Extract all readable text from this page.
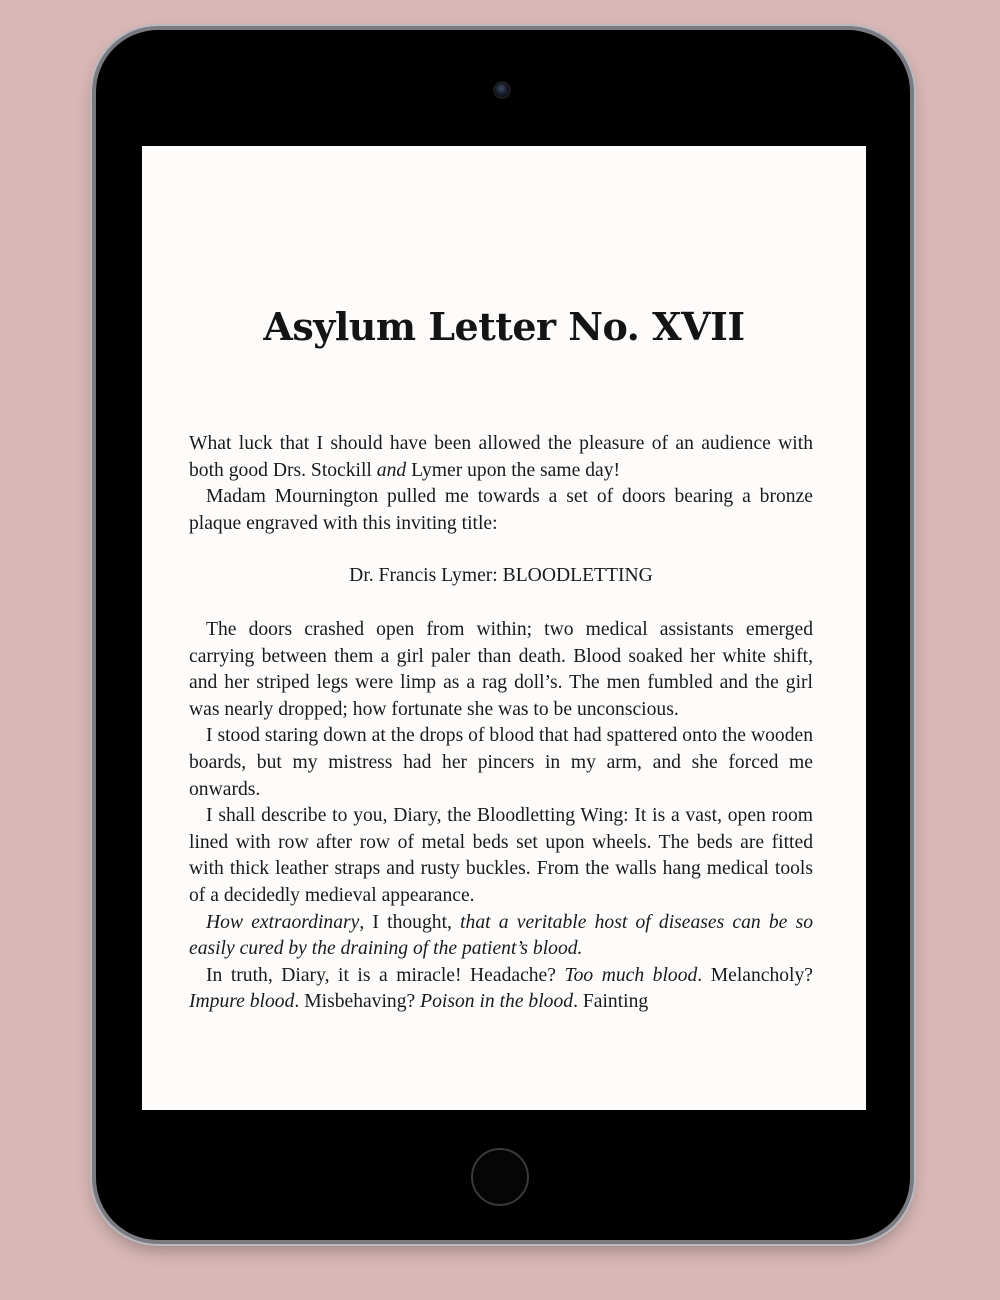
Asylum Letter No. XVII

What luck that I should have been allowed the pleasure of an audience with both good Drs. Stockill and Lymer upon the same day!

Madam Mournington pulled me towards a set of doors bearing a bronze plaque engraved with this inviting title:

Dr. Francis Lymer: BLOODLETTING

The doors crashed open from within; two medical assistants emerged carrying between them a girl paler than death. Blood soaked her white shift, and her striped legs were limp as a rag doll’s. The men fumbled and the girl was nearly dropped; how fortunate she was to be unconscious.

I stood staring down at the drops of blood that had spattered onto the wooden boards, but my mistress had her pincers in my arm, and she forced me onwards.

I shall describe to you, Diary, the Bloodletting Wing: It is a vast, open room lined with row after row of metal beds set upon wheels. The beds are fitted with thick leather straps and rusty buckles. From the walls hang medical tools of a decidedly medieval appearance.

How extraordinary, I thought, that a veritable host of diseases can be so easily cured by the draining of the patient’s blood.

In truth, Diary, it is a miracle! Headache? Too much blood. Melancholy? Impure blood. Misbehaving? Poison in the blood. Fainting
